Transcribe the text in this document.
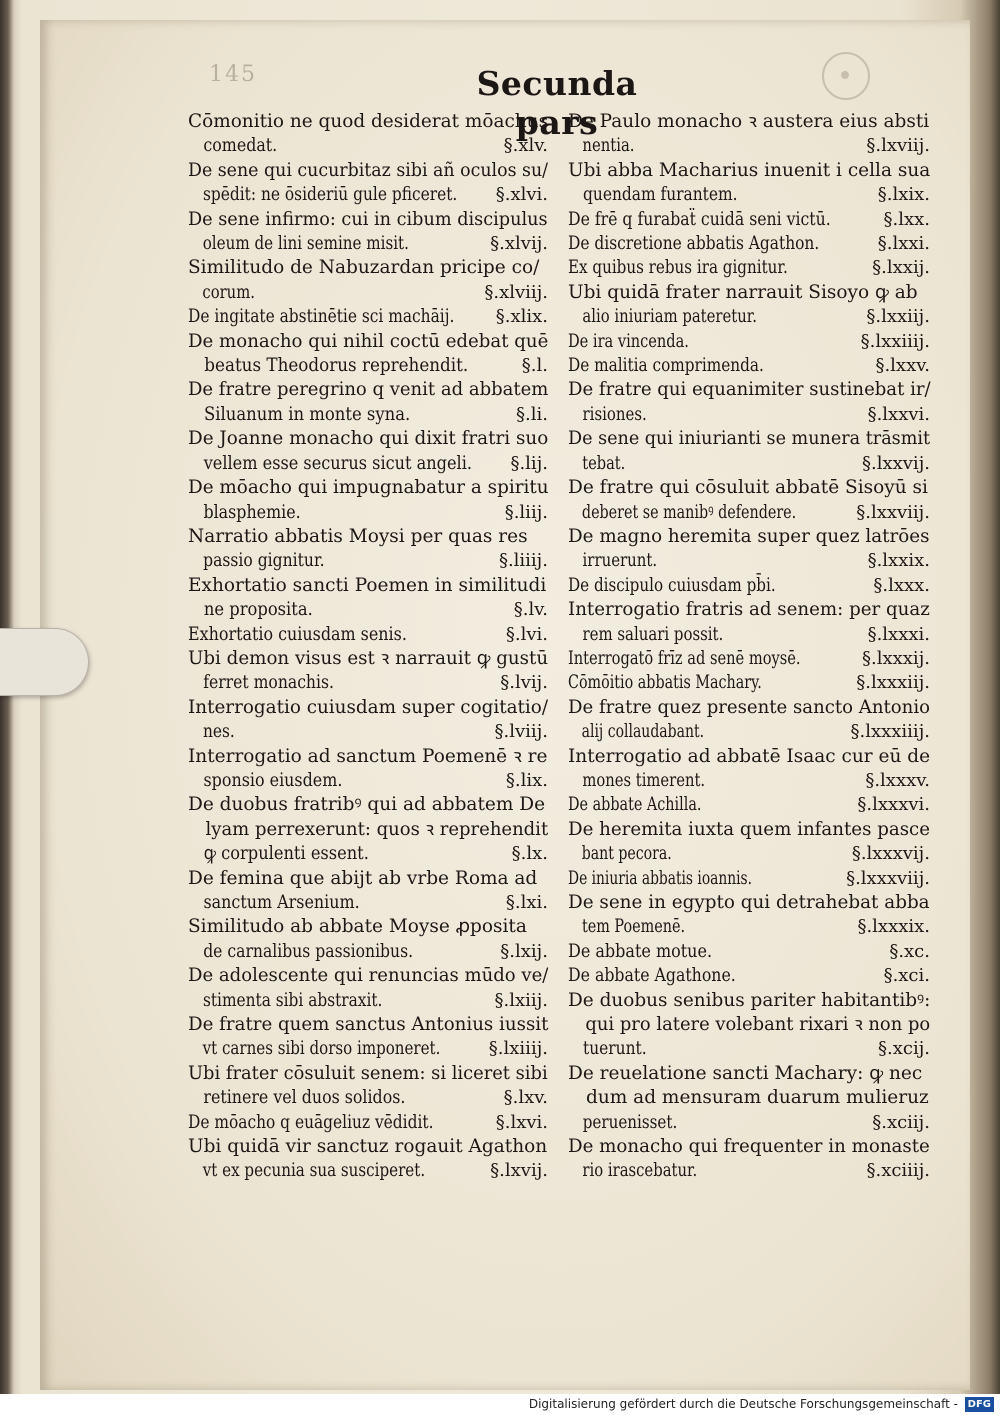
145	Secunda pars
Cōmonitio ne quod desiderat mōachus
comedat.	§.xlv.
De sene qui cucurbitaz sibi añ oculos su/
spēdit: ne ōsideriū gule pficeret.	§.xlvi.
De sene infirmo: cui in cibum discipulus
oleum de lini semine misit.	§.xlvij.
Similitudo de Nabuzardan pricipe co/
corum.	§.xlviij.
De ingitate abstinētie sci machāij.	§.xlix.
De monacho qui nihil coctū edebat quē
beatus Theodorus reprehendit.	§.l.
De fratre peregrino q venit ad abbatem
Siluanum in monte syna.	§.li.
De Joanne monacho qui dixit fratri suo
vellem esse securus sicut angeli.	§.lij.
De mōacho qui impugnabatur a spiritu
blasphemie.	§.liij.
Narratio abbatis Moysi per quas res
passio gignitur.	§.liiij.
Exhortatio sancti Poemen in similitudi
ne proposita.	§.lv.
Exhortatio cuiusdam senis.	§.lvi.
Ubi demon visus est ꝛ narrauit ꝙ gustū
ferret monachis.	§.lvij.
Interrogatio cuiusdam super cogitatio/
nes.	§.lviij.
Interrogatio ad sanctum Poemenē ꝛ re
sponsio eiusdem.	§.lix.
De duobus fratribꝰ qui ad abbatem De
lyam perrexerunt: quos ꝛ reprehendit
ꝙ corpulenti essent.	§.lx.
De femina que abijt ab vrbe Roma ad
sanctum Arsenium.	§.lxi.
Similitudo ab abbate Moyse ꝓposita
de carnalibus passionibus.	§.lxij.
De adolescente qui renuncias mūdo ve/
stimenta sibi abstraxit.	§.lxiij.
De fratre quem sanctus Antonius iussit
vt carnes sibi dorso imponeret.	§.lxiiij.
Ubi frater cōsuluit senem: si liceret sibi
retinere vel duos solidos.	§.lxv.
De mōacho q euāgeliuz vēdidit.	§.lxvi.
Ubi quidā vir sanctuz rogauit Agathon
vt ex pecunia sua susciperet.	§.lxvij.
De Paulo monacho ꝛ austera eius absti
nentia.	§.lxviij.
Ubi abba Macharius inuenit i cella sua
quendam furantem.	§.lxix.
De frē q furabaẗ cuidā seni victū.	§.lxx.
De discretione abbatis Agathon.	§.lxxi.
Ex quibus rebus ira gignitur.	§.lxxij.
Ubi quidā frater narrauit Sisoyo ꝙ ab
alio iniuriam pateretur.	§.lxxiij.
De ira vincenda.	§.lxxiiij.
De malitia comprimenda.	§.lxxv.
De fratre qui equanimiter sustinebat ir/
risiones.	§.lxxvi.
De sene qui iniurianti se munera trāsmit
tebat.	§.lxxvij.
De fratre qui cōsuluit abbatē Sisoyū si
deberet se manibꝰ defendere.	§.lxxviij.
De magno heremita super quez latrōes
irruerunt.	§.lxxix.
De discipulo cuiusdam pb̄i.	§.lxxx.
Interrogatio fratris ad senem: per quaz
rem saluari possit.	§.lxxxi.
Interrogatō frīz ad senē moysē.	§.lxxxij.
Cōmōitio abbatis Machary.	§.lxxxiij.
De fratre quez presente sancto Antonio
alij collaudabant.	§.lxxxiiij.
Interrogatio ad abbatē Isaac cur eū de
mones timerent.	§.lxxxv.
De abbate Achilla.	§.lxxxvi.
De heremita iuxta quem infantes pasce
bant pecora.	§.lxxxvij.
De iniuria abbatis ioannis.	§.lxxxviij.
De sene in egypto qui detrahebat abba
tem Poemenē.	§.lxxxix.
De abbate motue.	§.xc.
De abbate Agathone.	§.xci.
De duobus senibus pariter habitantibꝰ:
qui pro latere volebant rixari ꝛ non po
tuerunt.	§.xcij.
De reuelatione sancti Machary: ꝙ nec
dum ad mensuram duarum mulieruz
peruenisset.	§.xciij.
De monacho qui frequenter in monaste
rio irascebatur.	§.xciiij.
Digitalisierung gefördert durch die Deutsche Forschungsgemeinschaft - DFG
